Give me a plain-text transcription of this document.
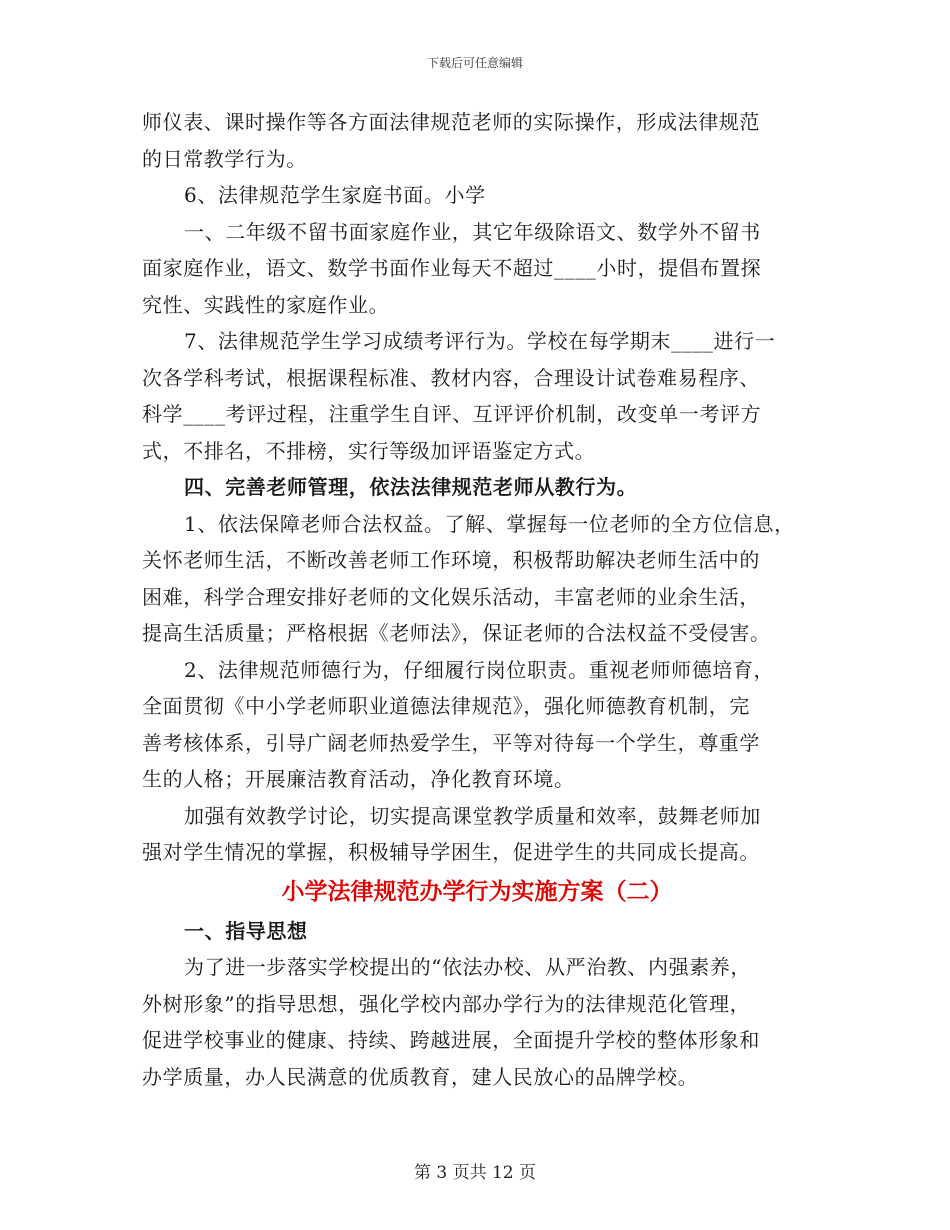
下载后可任意编辑
师仪表、课时操作等各方面法律规范老师的实际操作，形成法律规范
的日常教学行为。
6、法律规范学生家庭书面。小学
一、二年级不留书面家庭作业，其它年级除语文、数学外不留书
面家庭作业，语文、数学书面作业每天不超过____小时，提倡布置探
究性、实践性的家庭作业。
7、法律规范学生学习成绩考评行为。学校在每学期末____进行一
次各学科考试，根据课程标准、教材内容，合理设计试卷难易程序、
科学____考评过程，注重学生自评、互评评价机制，改变单一考评方
式，不排名，不排榜，实行等级加评语鉴定方式。
四、完善老师管理，依法法律规范老师从教行为。
1、依法保障老师合法权益。了解、掌握每一位老师的全方位信息，
关怀老师生活，不断改善老师工作环境，积极帮助解决老师生活中的
困难，科学合理安排好老师的文化娱乐活动，丰富老师的业余生活，
提高生活质量；严格根据《老师法》，保证老师的合法权益不受侵害。
2、法律规范师德行为，仔细履行岗位职责。重视老师师德培育，
全面贯彻《中小学老师职业道德法律规范》，强化师德教育机制，完
善考核体系，引导广阔老师热爱学生，平等对待每一个学生，尊重学
生的人格；开展廉洁教育活动，净化教育环境。
加强有效教学讨论，切实提高课堂教学质量和效率，鼓舞老师加
强对学生情况的掌握，积极辅导学困生，促进学生的共同成长提高。
小学法律规范办学行为实施方案（二）
一、指导思想
为了进一步落实学校提出的“依法办校、从严治教、内强素养，
外树形象”的指导思想，强化学校内部办学行为的法律规范化管理，
促进学校事业的健康、持续、跨越进展，全面提升学校的整体形象和
办学质量，办人民满意的优质教育，建人民放心的品牌学校。
第 3 页共 12 页
